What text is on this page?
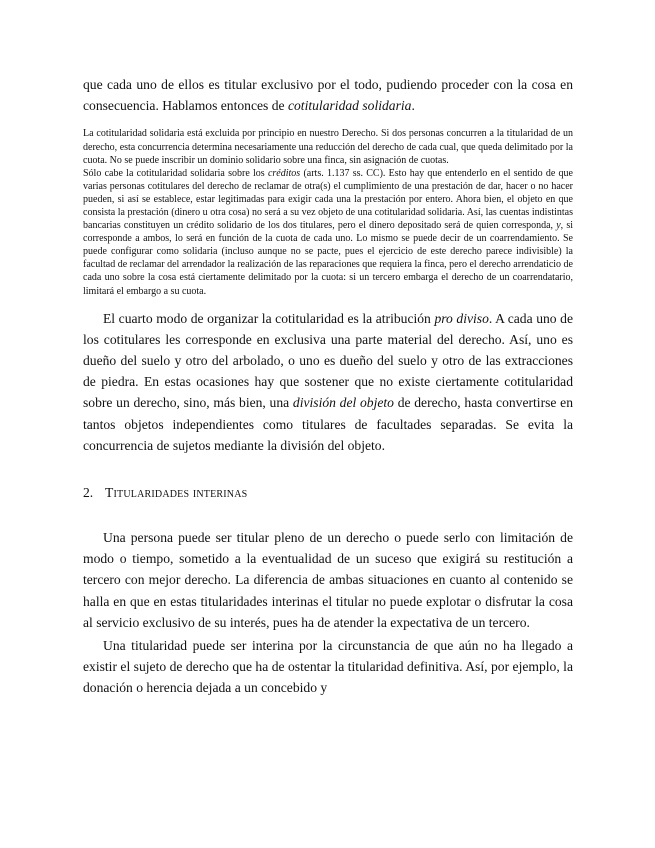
que cada uno de ellos es titular exclusivo por el todo, pudiendo proceder con la cosa en consecuencia. Hablamos entonces de cotitularidad solidaria.

La cotitularidad solidaria está excluida por principio en nuestro Derecho. Si dos personas concurren a la titularidad de un derecho, esta concurrencia determina necesariamente una reducción del derecho de cada cual, que queda delimitado por la cuota. No se puede inscribir un dominio solidario sobre una finca, sin asignación de cuotas.

Sólo cabe la cotitularidad solidaria sobre los créditos (arts. 1.137 ss. CC). Esto hay que entenderlo en el sentido de que varias personas cotitulares del derecho de reclamar de otra(s) el cumplimiento de una prestación de dar, hacer o no hacer pueden, si así se establece, estar legitimadas para exigir cada una la prestación por entero. Ahora bien, el objeto en que consista la prestación (dinero u otra cosa) no será a su vez objeto de una cotitularidad solidaria. Así, las cuentas indistintas bancarias constituyen un crédito solidario de los dos titulares, pero el dinero depositado será de quien corresponda, y, si corresponde a ambos, lo será en función de la cuota de cada uno. Lo mismo se puede decir de un coarrendamiento. Se puede configurar como solidaria (incluso aunque no se pacte, pues el ejercicio de este derecho parece indivisible) la facultad de reclamar del arrendador la realización de las reparaciones que requiera la finca, pero el derecho arrendaticio de cada uno sobre la cosa está ciertamente delimitado por la cuota: si un tercero embarga el derecho de un coarrendatario, limitará el embargo a su cuota.

El cuarto modo de organizar la cotitularidad es la atribución pro diviso. A cada uno de los cotitulares les corresponde en exclusiva una parte material del derecho. Así, uno es dueño del suelo y otro del arbolado, o uno es dueño del suelo y otro de las extracciones de piedra. En estas ocasiones hay que sostener que no existe ciertamente cotitularidad sobre un derecho, sino, más bien, una división del objeto de derecho, hasta convertirse en tantos objetos independientes como titulares de facultades separadas. Se evita la concurrencia de sujetos mediante la división del objeto.

2. Titularidades interinas

Una persona puede ser titular pleno de un derecho o puede serlo con limitación de modo o tiempo, sometido a la eventualidad de un suceso que exigirá su restitución a tercero con mejor derecho. La diferencia de ambas situaciones en cuanto al contenido se halla en que en estas titularidades interinas el titular no puede explotar o disfrutar la cosa al servicio exclusivo de su interés, pues ha de atender la expectativa de un tercero.

Una titularidad puede ser interina por la circunstancia de que aún no ha llegado a existir el sujeto de derecho que ha de ostentar la titularidad definitiva. Así, por ejemplo, la donación o herencia dejada a un concebido y
